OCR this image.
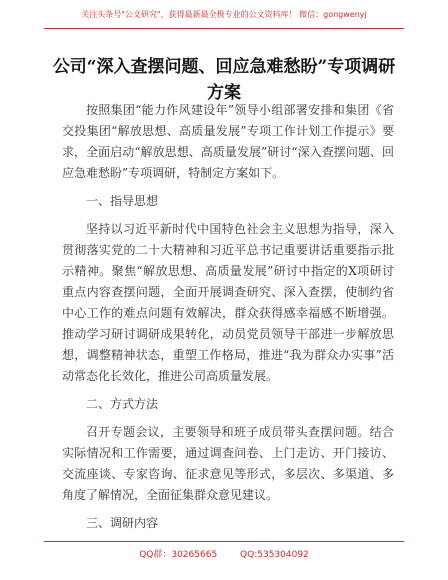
关注头条号"公文研究"，获得最新最全极专业的公文资料库！ 微信：gongwenyj
公司“深入查摆问题、回应急难愁盼”专项调研方案

按照集团“能力作风建设年”领导小组部署安排和集团《省交投集团“解放思想、高质量发展”专项工作计划工作提示》要求，全面启动“解放思想、高质量发展”研讨“深入查摆问题、回应急难愁盼”专项调研，特制定方案如下。

一、指导思想

坚持以习近平新时代中国特色社会主义思想为指导，深入贯彻落实党的二十大精神和习近平总书记重要讲话重要指示批示精神。聚焦“解放思想、高质量发展”研讨中指定的X项研讨重点内容查摆问题，全面开展调查研究、深入查摆，使制约省中心工作的难点问题有效解决，群众获得感幸福感不断增强。推动学习研讨调研成果转化，动员党员领导干部进一步解放思想，调整精神状态，重塑工作格局，推进“我为群众办实事”活动常态化长效化，推进公司高质量发展。

二、方式方法

召开专题会议，主要领导和班子成员带头查摆问题。结合实际情况和工作需要，通过调查问卷、上门走访、开门接访、交流座谈、专家咨询、征求意见等形式，多层次、多渠道、多角度了解情况，全面征集群众意见建议。

三、调研内容

QQ群：30265665	QQ:535304092
